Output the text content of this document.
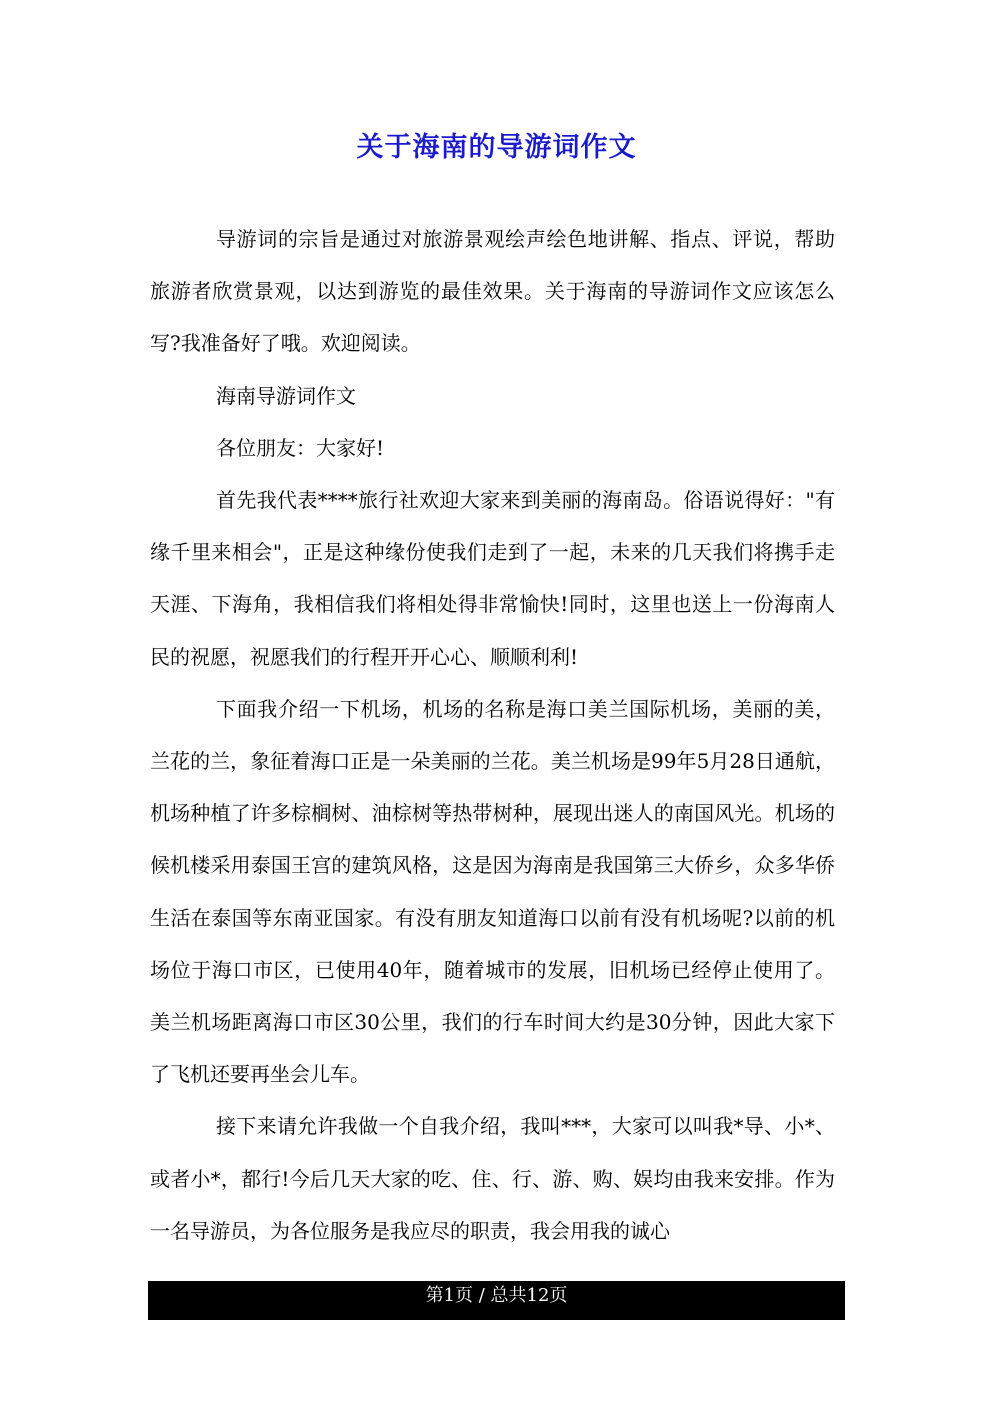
关于海南的导游词作文

导游词的宗旨是通过对旅游景观绘声绘色地讲解、指点、评说，帮助旅游者欣赏景观，以达到游览的最佳效果。关于海南的导游词作文应该怎么写?我准备好了哦。欢迎阅读。

海南导游词作文

各位朋友：大家好!

首先我代表****旅行社欢迎大家来到美丽的海南岛。俗语说得好："有缘千里来相会"，正是这种缘份使我们走到了一起，未来的几天我们将携手走天涯、下海角，我相信我们将相处得非常愉快!同时，这里也送上一份海南人民的祝愿，祝愿我们的行程开开心心、顺顺利利!

下面我介绍一下机场，机场的名称是海口美兰国际机场，美丽的美，兰花的兰，象征着海口正是一朵美丽的兰花。美兰机场是99年5月28日通航，机场种植了许多棕榈树、油棕树等热带树种，展现出迷人的南国风光。机场的候机楼采用泰国王宫的建筑风格，这是因为海南是我国第三大侨乡，众多华侨生活在泰国等东南亚国家。有没有朋友知道海口以前有没有机场呢?以前的机场位于海口市区，已使用40年，随着城市的发展，旧机场已经停止使用了。美兰机场距离海口市区30公里，我们的行车时间大约是30分钟，因此大家下了飞机还要再坐会儿车。

接下来请允许我做一个自我介绍，我叫***，大家可以叫我*导、小*、或者小*，都行!今后几天大家的吃、住、行、游、购、娱均由我来安排。作为一名导游员，为各位服务是我应尽的职责，我会用我的诚心

第1页 / 总共12页
